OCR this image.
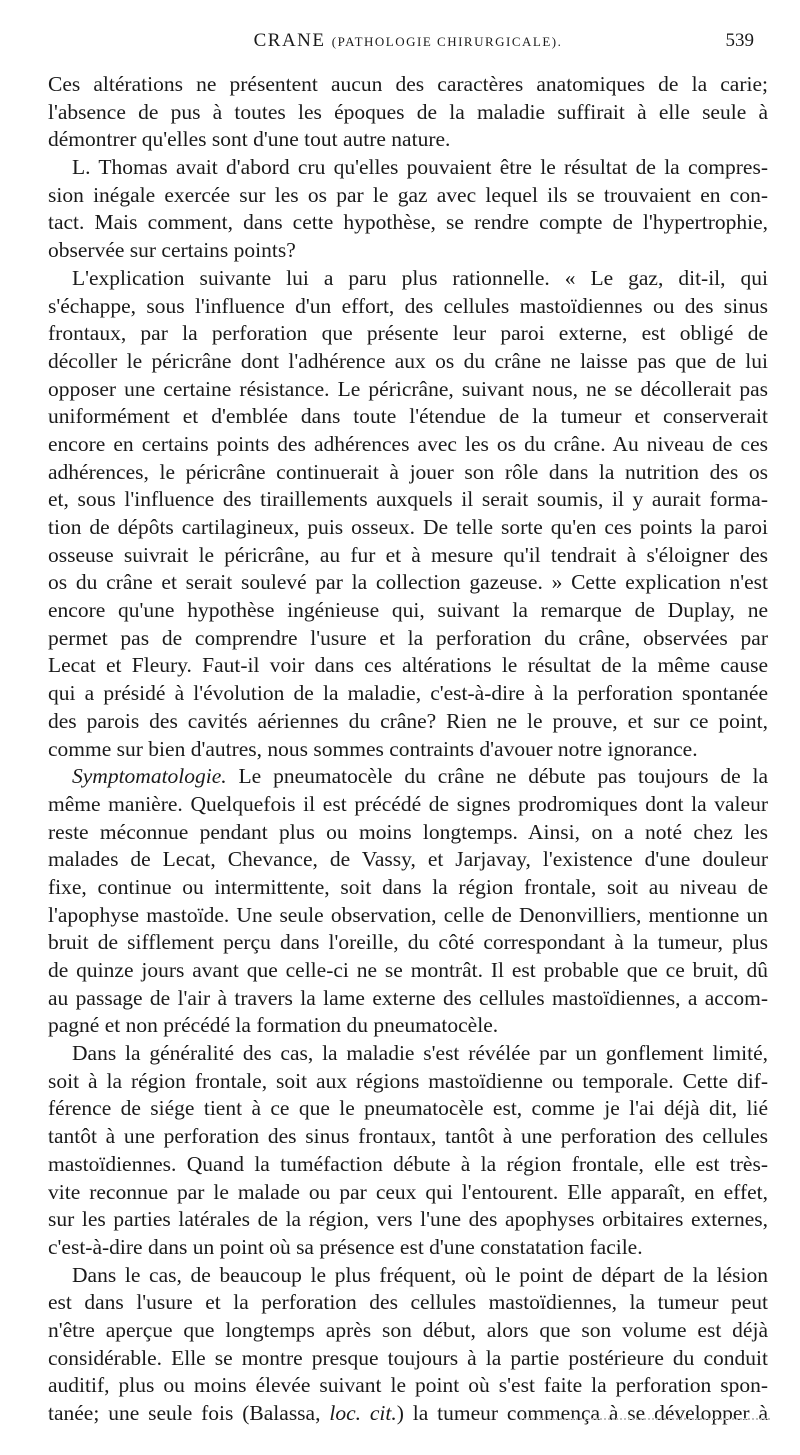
CRANE (PATHOLOGIE CHIRURGICALE).	539
Ces altérations ne présentent aucun des caractères anatomiques de la carie;
l'absence de pus à toutes les époques de la maladie suffirait à elle seule à
démontrer qu'elles sont d'une tout autre nature.
L. Thomas avait d'abord cru qu'elles pouvaient être le résultat de la compres-
sion inégale exercée sur les os par le gaz avec lequel ils se trouvaient en con-
tact. Mais comment, dans cette hypothèse, se rendre compte de l'hypertrophie,
observée sur certains points?
L'explication suivante lui a paru plus rationnelle. « Le gaz, dit-il, qui
s'échappe, sous l'influence d'un effort, des cellules mastoïdiennes ou des sinus
frontaux, par la perforation que présente leur paroi externe, est obligé de
décoller le péricrâne dont l'adhérence aux os du crâne ne laisse pas que de lui
opposer une certaine résistance. Le péricrâne, suivant nous, ne se décollerait pas
uniformément et d'emblée dans toute l'étendue de la tumeur et conserverait
encore en certains points des adhérences avec les os du crâne. Au niveau de ces
adhérences, le péricrâne continuerait à jouer son rôle dans la nutrition des os
et, sous l'influence des tiraillements auxquels il serait soumis, il y aurait forma-
tion de dépôts cartilagineux, puis osseux. De telle sorte qu'en ces points la paroi
osseuse suivrait le péricrâne, au fur et à mesure qu'il tendrait à s'éloigner des
os du crâne et serait soulevé par la collection gazeuse. » Cette explication n'est
encore qu'une hypothèse ingénieuse qui, suivant la remarque de Duplay, ne
permet pas de comprendre l'usure et la perforation du crâne, observées par
Lecat et Fleury. Faut-il voir dans ces altérations le résultat de la même cause
qui a présidé à l'évolution de la maladie, c'est-à-dire à la perforation spontanée
des parois des cavités aériennes du crâne? Rien ne le prouve, et sur ce point,
comme sur bien d'autres, nous sommes contraints d'avouer notre ignorance.
Symptomatologie. Le pneumatocèle du crâne ne débute pas toujours de la
même manière. Quelquefois il est précédé de signes prodromiques dont la valeur
reste méconnue pendant plus ou moins longtemps. Ainsi, on a noté chez les
malades de Lecat, Chevance, de Vassy, et Jarjavay, l'existence d'une douleur
fixe, continue ou intermittente, soit dans la région frontale, soit au niveau de
l'apophyse mastoïde. Une seule observation, celle de Denonvilliers, mentionne un
bruit de sifflement perçu dans l'oreille, du côté correspondant à la tumeur, plus
de quinze jours avant que celle-ci ne se montrât. Il est probable que ce bruit, dû
au passage de l'air à travers la lame externe des cellules mastoïdiennes, a accom-
pagné et non précédé la formation du pneumatocèle.
Dans la généralité des cas, la maladie s'est révélée par un gonflement limité,
soit à la région frontale, soit aux régions mastoïdienne ou temporale. Cette dif-
férence de siége tient à ce que le pneumatocèle est, comme je l'ai déjà dit, lié
tantôt à une perforation des sinus frontaux, tantôt à une perforation des cellules
mastoïdiennes. Quand la tuméfaction débute à la région frontale, elle est très-
vite reconnue par le malade ou par ceux qui l'entourent. Elle apparaît, en effet,
sur les parties latérales de la région, vers l'une des apophyses orbitaires externes,
c'est-à-dire dans un point où sa présence est d'une constatation facile.
Dans le cas, de beaucoup le plus fréquent, où le point de départ de la lésion
est dans l'usure et la perforation des cellules mastoïdiennes, la tumeur peut
n'être aperçue que longtemps après son début, alors que son volume est déjà
considérable. Elle se montre presque toujours à la partie postérieure du conduit
auditif, plus ou moins élevée suivant le point où s'est faite la perforation spon-
tanée; une seule fois (Balassa, loc. cit.) la tumeur commença à se développer à
